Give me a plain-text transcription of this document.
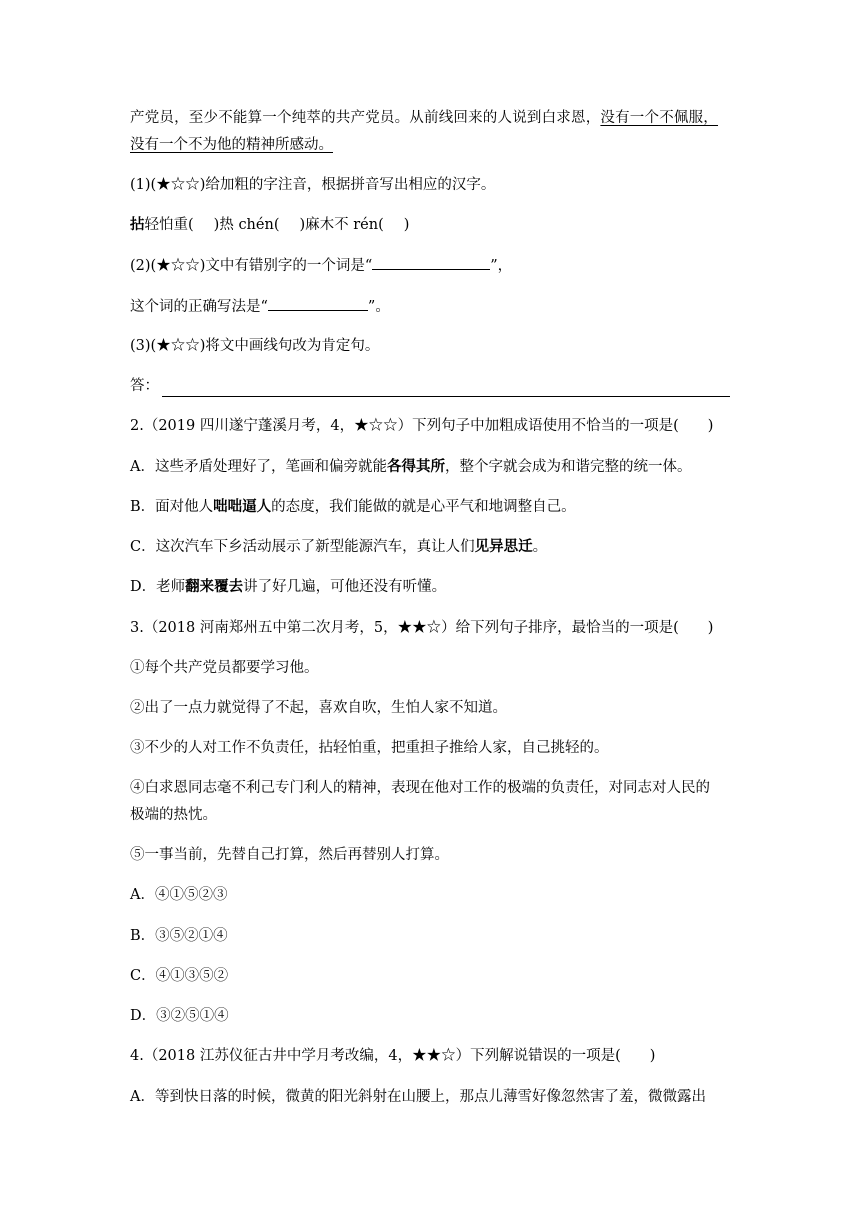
产党员，至少不能算一个纯萃的共产党员。从前线回来的人说到白求恩，没有一个不佩服，
没有一个不为他的精神所感动。
(1)(★☆☆)给加粗的字注音，根据拼音写出相应的汉字。
拈轻怕重( )热 chén( )麻木不 rén( )
(2)(★☆☆)文中有错别字的一个词是“	”，
这个词的正确写法是“	”。
(3)(★☆☆)将文中画线句改为肯定句。
答：
2.（2019 四川遂宁蓬溪月考，4，★☆☆）下列句子中加粗成语使用不恰当的一项是(　　)
A．这些矛盾处理好了，笔画和偏旁就能各得其所，整个字就会成为和谐完整的统一体。
B．面对他人咄咄逼人的态度，我们能做的就是心平气和地调整自己。
C．这次汽车下乡活动展示了新型能源汽车，真让人们见异思迁。
D．老师翻来覆去讲了好几遍，可他还没有听懂。
3.（2018 河南郑州五中第二次月考，5，★★☆）给下列句子排序，最恰当的一项是(　　)
①每个共产党员都要学习他。
②出了一点力就觉得了不起，喜欢自吹，生怕人家不知道。
③不少的人对工作不负责任，拈轻怕重，把重担子推给人家，自己挑轻的。
④白求恩同志毫不利己专门利人的精神，表现在他对工作的极端的负责任，对同志对人民的
极端的热忱。
⑤一事当前，先替自己打算，然后再替别人打算。
A．④①⑤②③
B．③⑤②①④
C．④①③⑤②
D．③②⑤①④
4.（2018 江苏仪征古井中学月考改编，4，★★☆）下列解说错误的一项是(　　)
A．等到快日落的时候，微黄的阳光斜射在山腰上，那点儿薄雪好像忽然害了羞，微微露出
